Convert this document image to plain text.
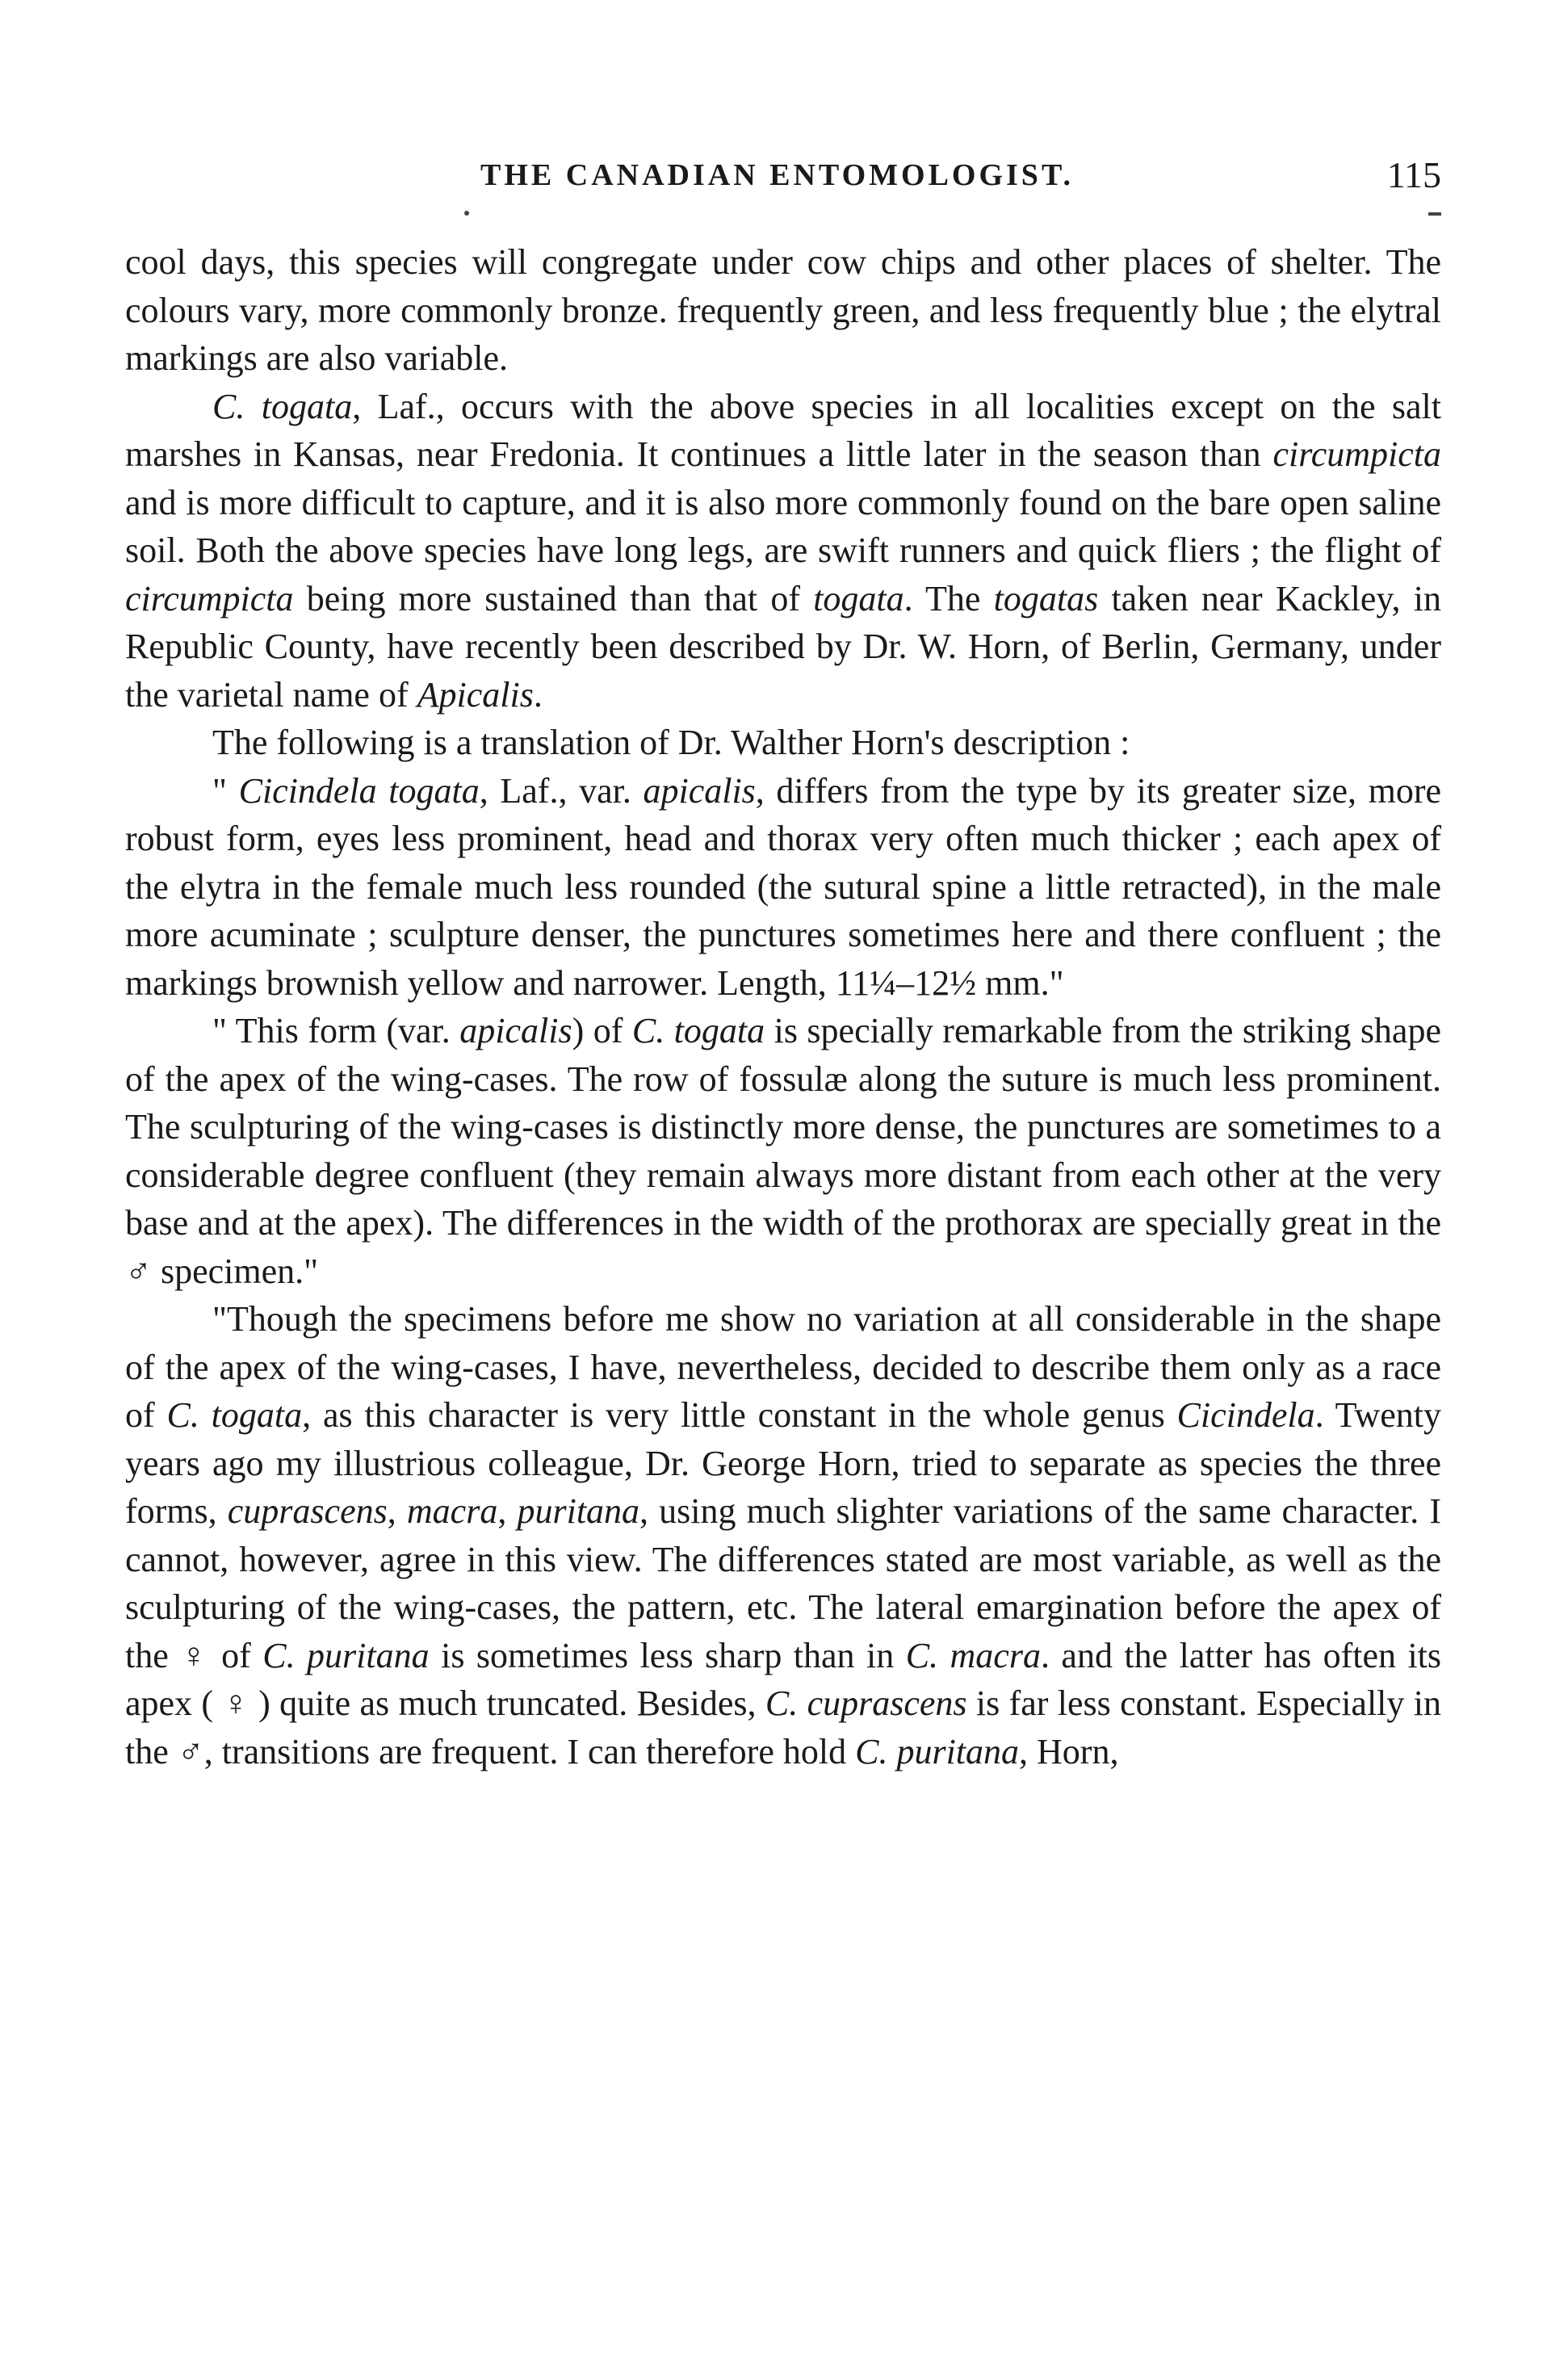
THE CANADIAN ENTOMOLOGIST.	115

cool days, this species will congregate under cow chips and other places of shelter. The colours vary, more commonly bronze. frequently green, and less frequently blue ; the elytral markings are also variable.

C. togata, Laf., occurs with the above species in all localities except on the salt marshes in Kansas, near Fredonia. It continues a little later in the season than circumpicta and is more difficult to capture, and it is also more commonly found on the bare open saline soil. Both the above species have long legs, are swift runners and quick fliers ; the flight of circumpicta being more sustained than that of togata. The togatas taken near Kackley, in Republic County, have recently been described by Dr. W. Horn, of Berlin, Germany, under the varietal name of Apicalis.

The following is a translation of Dr. Walther Horn's description :

" Cicindela togata, Laf., var. apicalis, differs from the type by its greater size, more robust form, eyes less prominent, head and thorax very often much thicker ; each apex of the elytra in the female much less rounded (the sutural spine a little retracted), in the male more acuminate ; sculpture denser, the punctures sometimes here and there confluent ; the markings brownish yellow and narrower. Length, 11¼–12½ mm."

" This form (var. apicalis) of C. togata is specially remarkable from the striking shape of the apex of the wing-cases. The row of fossulæ along the suture is much less prominent. The sculpturing of the wing-cases is distinctly more dense, the punctures are sometimes to a considerable degree confluent (they remain always more distant from each other at the very base and at the apex). The differences in the width of the prothorax are specially great in the ♂ specimen."

"Though the specimens before me show no variation at all considerable in the shape of the apex of the wing-cases, I have, nevertheless, decided to describe them only as a race of C. togata, as this character is very little constant in the whole genus Cicindela. Twenty years ago my illustrious colleague, Dr. George Horn, tried to separate as species the three forms, cuprascens, macra, puritana, using much slighter variations of the same character. I cannot, however, agree in this view. The differences stated are most variable, as well as the sculpturing of the wing-cases, the pattern, etc. The lateral emargination before the apex of the ♀ of C. puritana is sometimes less sharp than in C. macra. and the latter has often its apex ( ♀ ) quite as much truncated. Besides, C. cuprascens is far less constant. Especially in the ♂, transitions are frequent. I can therefore hold C. puritana, Horn,
